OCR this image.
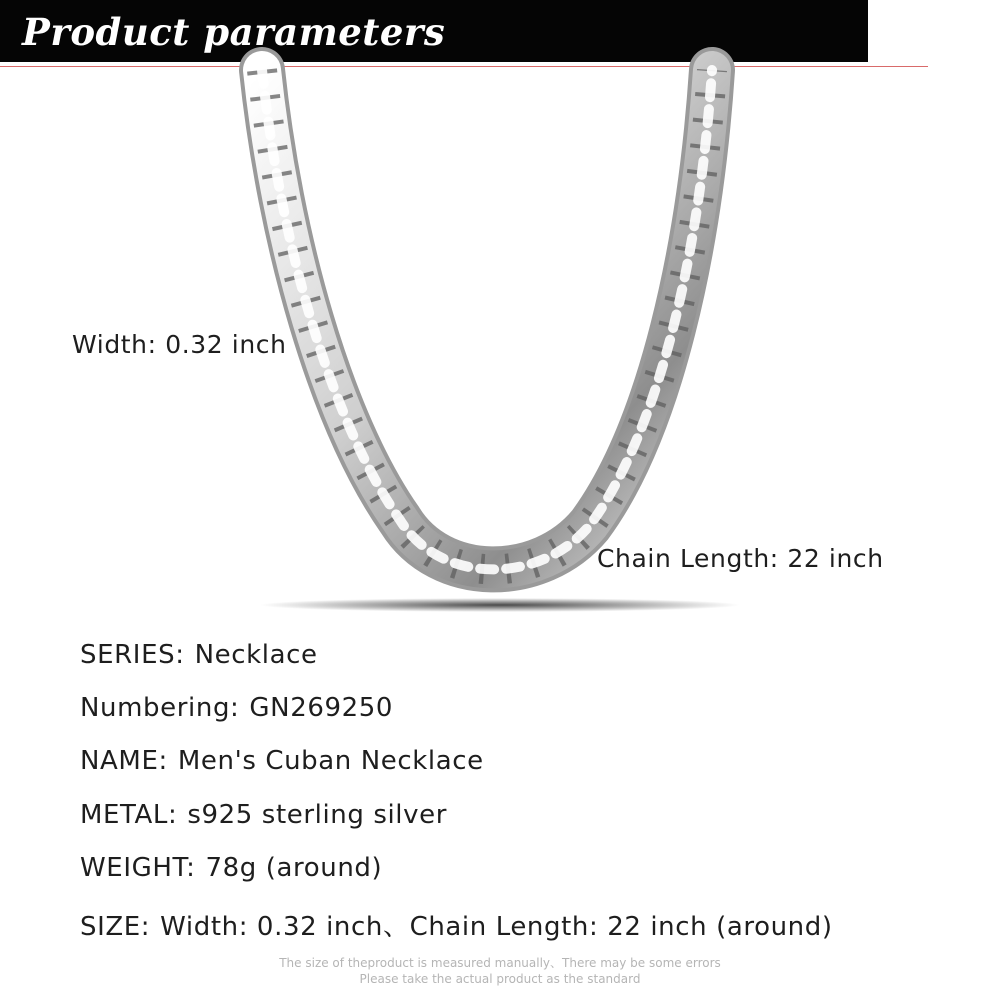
Product parameters
Width: 0.32 inch
Chain Length: 22 inch
SERIES: Necklace
Numbering: GN269250
NAME: Men's Cuban Necklace
METAL: s925 sterling silver
WEIGHT: 78g (around)
SIZE: Width: 0.32 inch、Chain Length: 22 inch (around)
The size of theproduct is measured manually、There may be some errors
Please take the actual product as the standard
